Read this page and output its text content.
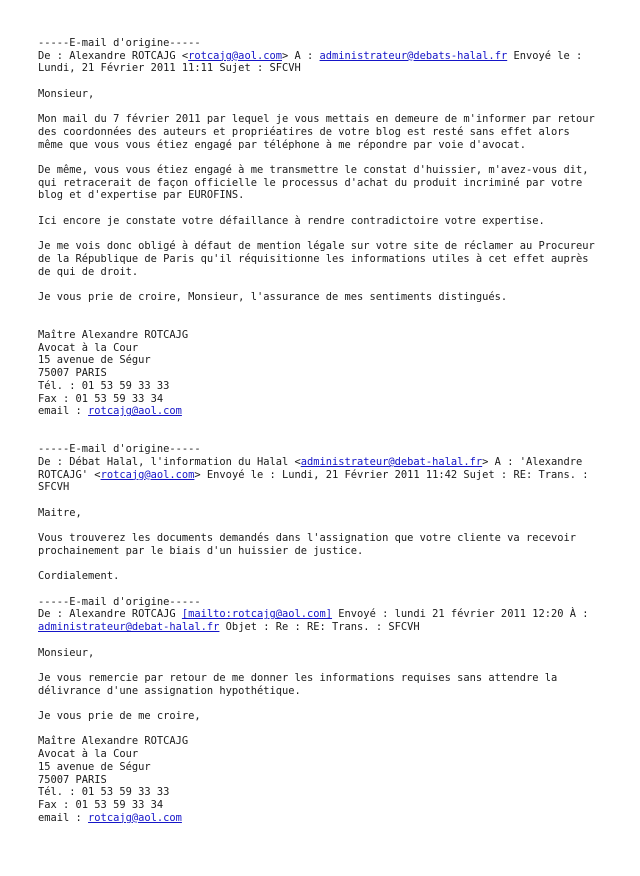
-----E-mail d'origine-----
De : Alexandre ROTCAJG <rotcajg@aol.com> A : administrateur@debats-halal.fr Envoyé le :
Lundi, 21 Février 2011 11:11 Sujet : SFCVH
Monsieur,
Mon mail du 7 février 2011 par lequel je vous mettais en demeure de m'informer par retour
des coordonnées des auteurs et propriéatires de votre blog est resté sans effet alors
même que vous vous étiez engagé par téléphone à me répondre par voie d'avocat.
De même, vous vous étiez engagé à me transmettre le constat d'huissier, m'avez-vous dit,
qui retracerait de façon officielle le processus d'achat du produit incriminé par votre
blog et d'expertise par EUROFINS.
Ici encore je constate votre défaillance à rendre contradictoire votre expertise.
Je me vois donc obligé à défaut de mention légale sur votre site de réclamer au Procureur
de la République de Paris qu'il réquisitionne les informations utiles à cet effet auprès
de qui de droit.
Je vous prie de croire, Monsieur, l'assurance de mes sentiments distingués.
Maître Alexandre ROTCAJG
Avocat à la Cour
15 avenue de Ségur
75007 PARIS
Tél. : 01 53 59 33 33
Fax : 01 53 59 33 34
email : rotcajg@aol.com
-----E-mail d'origine-----
De : Débat Halal, l'information du Halal <administrateur@debat-halal.fr> A : 'Alexandre
ROTCAJG' <rotcajg@aol.com> Envoyé le : Lundi, 21 Février 2011 11:42 Sujet : RE: Trans. :
SFCVH
Maitre,
Vous trouverez les documents demandés dans l'assignation que votre cliente va recevoir
prochainement par le biais d'un huissier de justice.
Cordialement.
-----E-mail d'origine-----
De : Alexandre ROTCAJG [mailto:rotcajg@aol.com] Envoyé : lundi 21 février 2011 12:20 À :
administrateur@debat-halal.fr Objet : Re : RE: Trans. : SFCVH
Monsieur,
Je vous remercie par retour de me donner les informations requises sans attendre la
délivrance d'une assignation hypothétique.
Je vous prie de me croire,
Maître Alexandre ROTCAJG
Avocat à la Cour
15 avenue de Ségur
75007 PARIS
Tél. : 01 53 59 33 33
Fax : 01 53 59 33 34
email : rotcajg@aol.com
